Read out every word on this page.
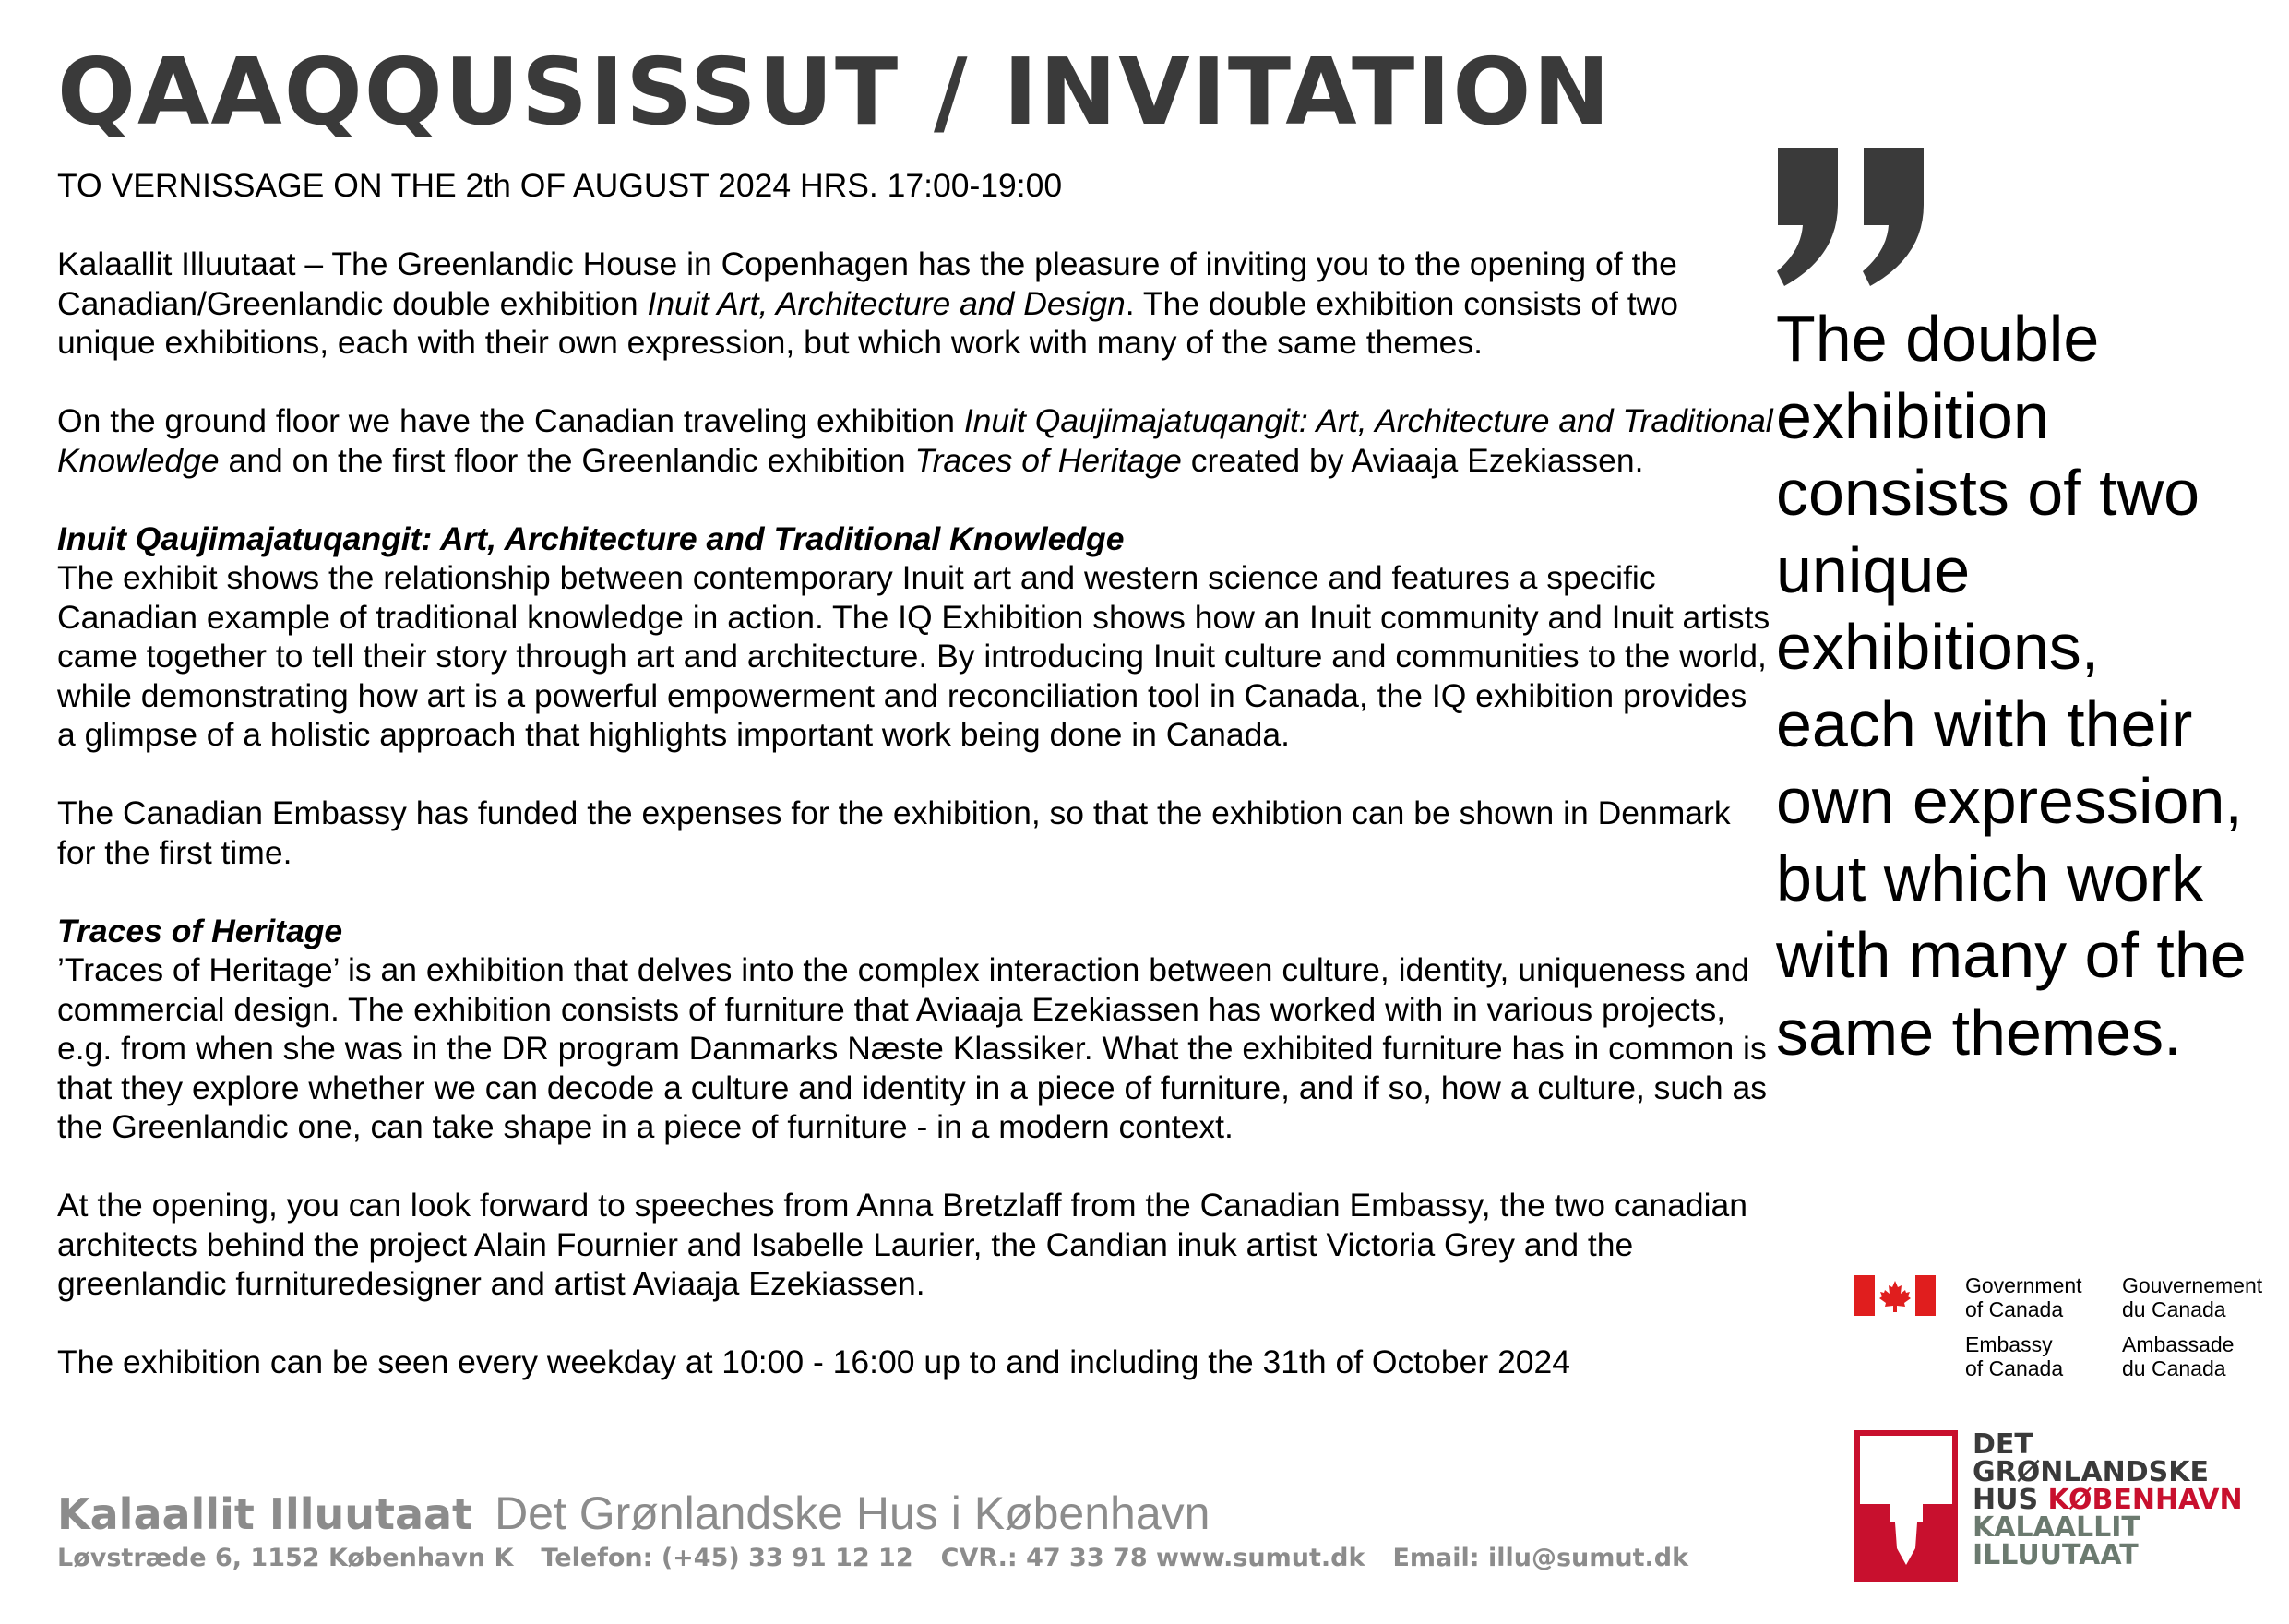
QAAQQUSISSUT / INVITATION

TO VERNISSAGE ON THE 2th OF AUGUST 2024 HRS. 17:00-19:00

Kalaallit Illuutaat – The Greenlandic House in Copenhagen has the pleasure of inviting you to the opening of the Canadian/Greenlandic double exhibition Inuit Art, Architecture and Design. The double exhibition consists of two unique exhibitions, each with their own expression, but which work with many of the same themes.

On the ground floor we have the Canadian traveling exhibition Inuit Qaujimajatuqangit: Art, Architecture and Traditional Knowledge and on the first floor the Greenlandic exhibition Traces of Heritage created by Aviaaja Ezekiassen.

Inuit Qaujimajatuqangit: Art, Architecture and Traditional Knowledge

The exhibit shows the relationship between contemporary Inuit art and western science and features a specific Canadian example of traditional knowledge in action. The IQ Exhibition shows how an Inuit community and Inuit artists came together to tell their story through art and architecture. By introducing Inuit culture and communities to the world, while demonstrating how art is a powerful empowerment and reconciliation tool in Canada, the IQ exhibition provides a glimpse of a holistic approach that highlights important work being done in Canada.

The Canadian Embassy has funded the expenses for the exhibition, so that the exhibtion can be shown in Denmark for the first time.

Traces of Heritage

’Traces of Heritage’ is an exhibition that delves into the complex interaction between culture, identity, uniqueness and commercial design. The exhibition consists of furniture that Aviaaja Ezekiassen has worked with in various projects, e.g. from when she was in the DR program Danmarks Næste Klassiker. What the exhibited furniture has in common is that they explore whether we can decode a culture and identity in a piece of furniture, and if so, how a culture, such as the Greenlandic one, can take shape in a piece of furniture - in a modern context.

At the opening, you can look forward to speeches from Anna Bretzlaff from the Canadian Embassy, the two canadian architects behind the project Alain Fournier and Isabelle Laurier, the Candian inuk artist Victoria Grey and the greenlandic furnituredesigner and artist Aviaaja Ezekiassen.

The exhibition can be seen every weekday at 10:00 - 16:00 up to and including the 31th of October 2024

The double exhibition consists of two unique exhibitions, each with their own expression, but which work with many of the same themes.

Government
of Canada
Gouvernement
du Canada
Embassy
of Canada
Ambassade
du Canada
DET
GRØNLANDSKE
HUS KØBENHAVN
KALAALLIT
ILLUUTAAT

Kalaallit Illuutaat Det Grønlandske Hus i København

Løvstræde 6, 1152 København K Telefon: (+45) 33 91 12 12 CVR.: 47 33 78 www.sumut.dk Email: illu@sumut.dk
